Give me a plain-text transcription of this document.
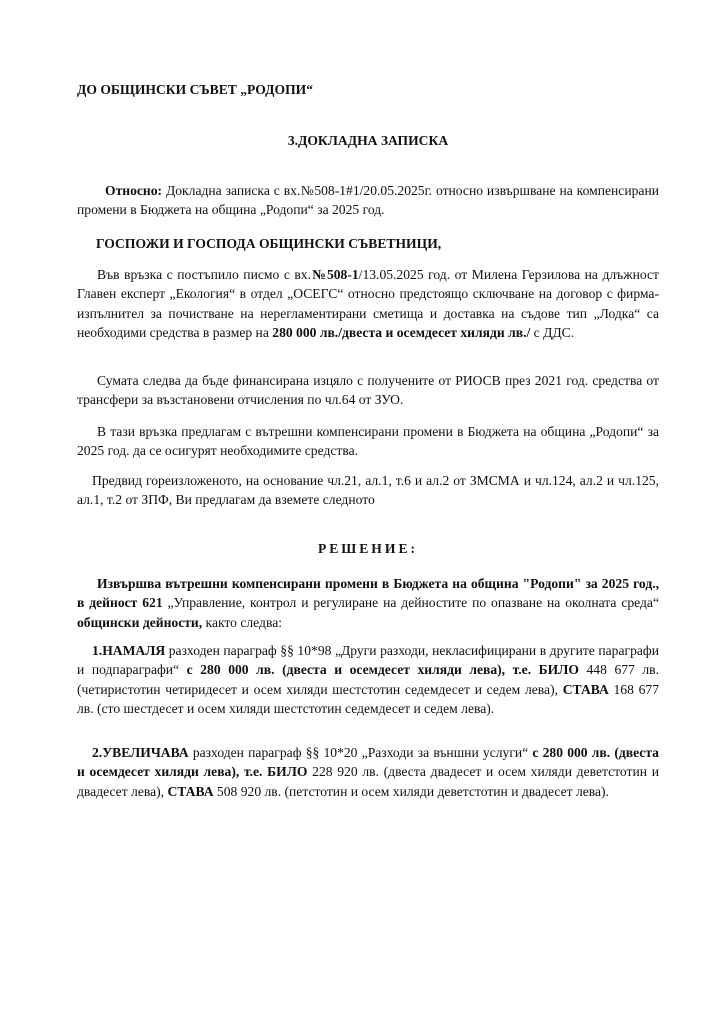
ДО ОБЩИНСКИ СЪВЕТ „РОДОПИ“

3.ДОКЛАДНА ЗАПИСКА

Относно: Докладна записка с вх.№508-1#1/20.05.2025г. относно извършване на компенсирани промени в Бюджета на община „Родопи“ за 2025 год.

ГОСПОЖИ И ГОСПОДА ОБЩИНСКИ СЪВЕТНИЦИ,

Във връзка с постъпило писмо с вх.№508-1/13.05.2025 год. от Милена Герзилова на длъжност Главен експерт „Екология“ в отдел „ОСЕГС“ относно предстоящо сключване на договор с фирма-изпълнител за почистване на нерегламентирани сметища и доставка на съдове тип „Лодка“ са необходими средства в размер на 280 000 лв./двеста и осемдесет хиляди лв./ с ДДС.

Сумата следва да бъде финансирана изцяло с получените от РИОСВ през 2021 год. средства от трансфери за възстановени отчисления по чл.64 от ЗУО.

В тази връзка предлагам с вътрешни компенсирани промени в Бюджета на община „Родопи“ за 2025 год. да се осигурят необходимите средства.

Предвид гореизложеното, на основание чл.21, ал.1, т.6 и ал.2 от ЗМСМА и чл.124, ал.2 и чл.125, ал.1, т.2 от ЗПФ, Ви предлагам да вземете следното

РЕШЕНИЕ:

Извършва вътрешни компенсирани промени в Бюджета на община "Родопи" за 2025 год., в дейност 621 „Управление, контрол и регулиране на дейностите по опазване на околната среда“ общински дейности, както следва:

1.НАМАЛЯ разходен параграф §§ 10*98 „Други разходи, некласифицирани в другите параграфи и подпараграфи“ с 280 000 лв. (двеста и осемдесет хиляди лева), т.е. БИЛО 448 677 лв. (четиристотин четиридесет и осем хиляди шестстотин седемдесет и седем лева), СТАВА 168 677 лв. (сто шестдесет и осем хиляди шестстотин седемдесет и седем лева).

2.УВЕЛИЧАВА разходен параграф §§ 10*20 „Разходи за външни услуги“ с 280 000 лв. (двеста и осемдесет хиляди лева), т.е. БИЛО 228 920 лв. (двеста двадесет и осем хиляди деветстотин и двадесет лева), СТАВА 508 920 лв. (петстотин и осем хиляди деветстотин и двадесет лева).
